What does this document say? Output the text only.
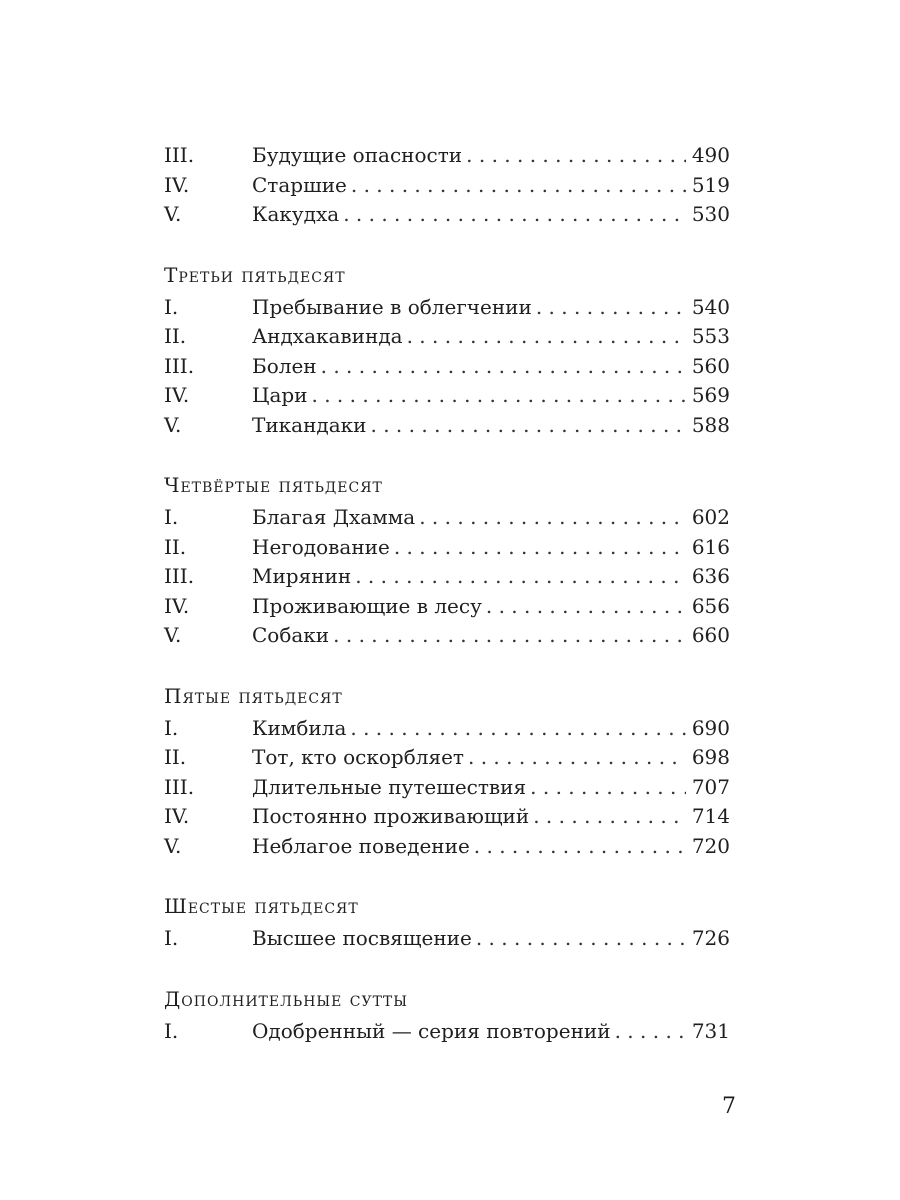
III.	Будущие опасности . . .	490
IV.	Старшие . . .	519
V.	Какудха . . .	530
Третьи пятьдесят
I.	Пребывание в облегчении . . .	540
II.	Андхакавинда . . .	553
III.	Болен . . .	560
IV.	Цари . . .	569
V.	Тикандаки . . .	588
Четвёртые пятьдесят
I.	Благая Дхамма . . .	602
II.	Негодование . . .	616
III.	Мирянин . . .	636
IV.	Проживающие в лесу . . .	656
V.	Собаки . . .	660
Пятые пятьдесят
I.	Кимбила . . .	690
II.	Тот, кто оскорбляет . . .	698
III.	Длительные путешествия . . .	707
IV.	Постоянно проживающий . . .	714
V.	Неблагое поведение . . .	720
Шестые пятьдесят
I.	Высшее посвящение . . .	726
Дополнительные сутты
I.	Одобренный — серия повторений . . .	731
7
